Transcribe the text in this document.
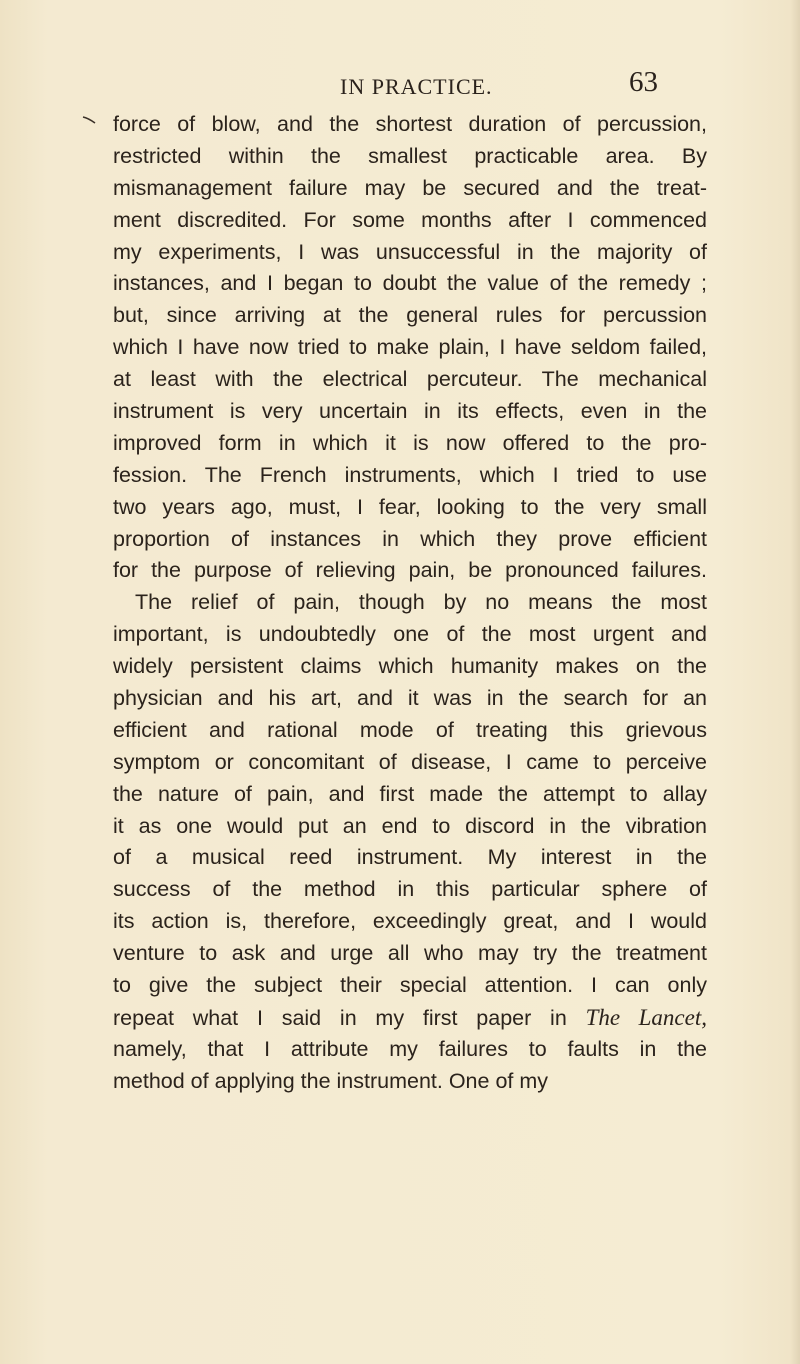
IN PRACTICE.	63
force of blow, and the shortest duration of percussion,
restricted within the smallest practicable area. By
mismanagement failure may be secured and the treat-
ment discredited. For some months after I commenced
my experiments, I was unsuccessful in the majority of
instances, and I began to doubt the value of the remedy ;
but, since arriving at the general rules for percussion
which I have now tried to make plain, I have seldom failed,
at least with the electrical percuteur. The mechanical
instrument is very uncertain in its effects, even in the
improved form in which it is now offered to the pro-
fession. The French instruments, which I tried to use
two years ago, must, I fear, looking to the very small
proportion of instances in which they prove efficient
for the purpose of relieving pain, be pronounced failures.
The relief of pain, though by no means the most
important, is undoubtedly one of the most urgent and
widely persistent claims which humanity makes on the
physician and his art, and it was in the search for an
efficient and rational mode of treating this grievous
symptom or concomitant of disease, I came to perceive
the nature of pain, and first made the attempt to allay
it as one would put an end to discord in the vibration
of a musical reed instrument. My interest in the
success of the method in this particular sphere of
its action is, therefore, exceedingly great, and I would
venture to ask and urge all who may try the treatment
to give the subject their special attention. I can only
repeat what I said in my first paper in The Lancet,
namely, that I attribute my failures to faults in the
method of applying the instrument. One of my
